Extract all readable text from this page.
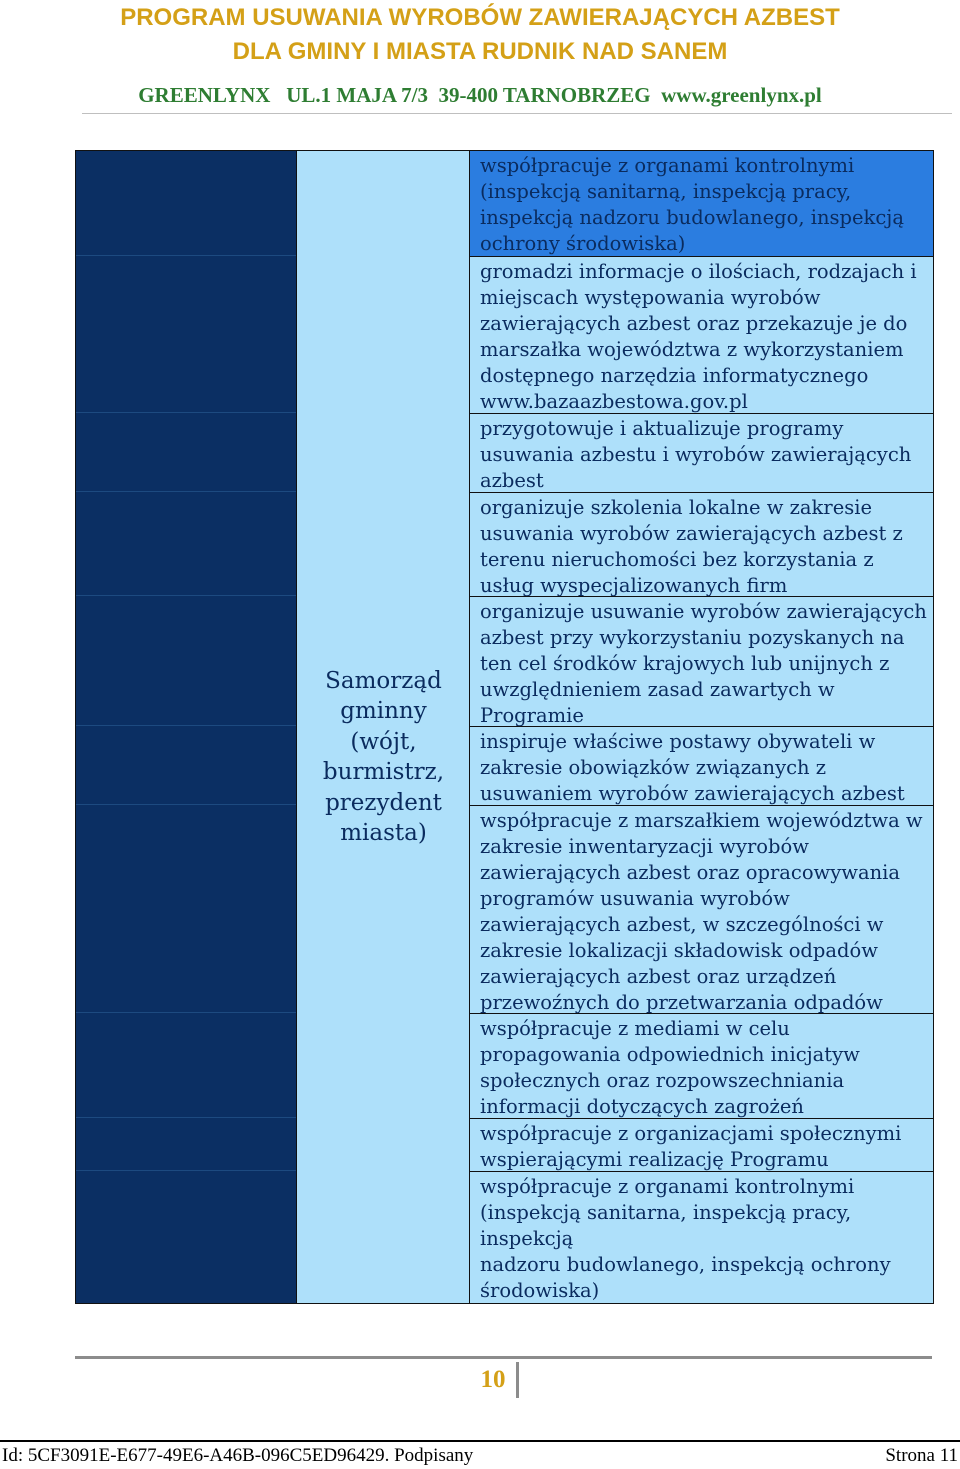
PROGRAM USUWANIA WYROBÓW ZAWIERAJĄCYCH AZBEST
DLA GMINY I MIASTA RUDNIK NAD SANEM
GREENLYNX   UL.1 MAJA 7/3  39-400 TARNOBRZEG  www.greenlynx.pl
Samorząd gminny (wójt, burmistrz, prezydent miasta)
współpracuje z organami kontrolnymi (inspekcją sanitarną, inspekcją pracy, inspekcją nadzoru budowlanego, inspekcją ochrony środowiska)
gromadzi informacje o ilościach, rodzajach i miejscach występowania wyrobów zawierających azbest oraz przekazuje je do marszałka województwa z wykorzystaniem dostępnego narzędzia informatycznego www.bazaazbestowa.gov.pl
przygotowuje i aktualizuje programy usuwania azbestu i wyrobów zawierających azbest
organizuje szkolenia lokalne w zakresie usuwania wyrobów zawierających azbest z terenu nieruchomości bez korzystania z usług wyspecjalizowanych firm
organizuje usuwanie wyrobów zawierających azbest przy wykorzystaniu pozyskanych na ten cel środków krajowych lub unijnych z uwzględnieniem zasad zawartych w Programie
inspiruje właściwe postawy obywateli w zakresie obowiązków związanych z usuwaniem wyrobów zawierających azbest
współpracuje z marszałkiem województwa w zakresie inwentaryzacji wyrobów zawierających azbest oraz opracowywania programów usuwania wyrobów zawierających azbest, w szczególności w zakresie lokalizacji składowisk odpadów zawierających azbest oraz urządzeń przewoźnych do przetwarzania odpadów
współpracuje z mediami w celu propagowania odpowiednich inicjatyw społecznych oraz rozpowszechniania informacji dotyczących zagrożeń
współpracuje z organizacjami społecznymi wspierającymi realizację Programu
współpracuje z organami kontrolnymi (inspekcją sanitarna, inspekcją pracy, inspekcją
nadzoru budowlanego, inspekcją ochrony środowiska)
10
Id: 5CF3091E-E677-49E6-A46B-096C5ED96429. Podpisany	Strona 11
